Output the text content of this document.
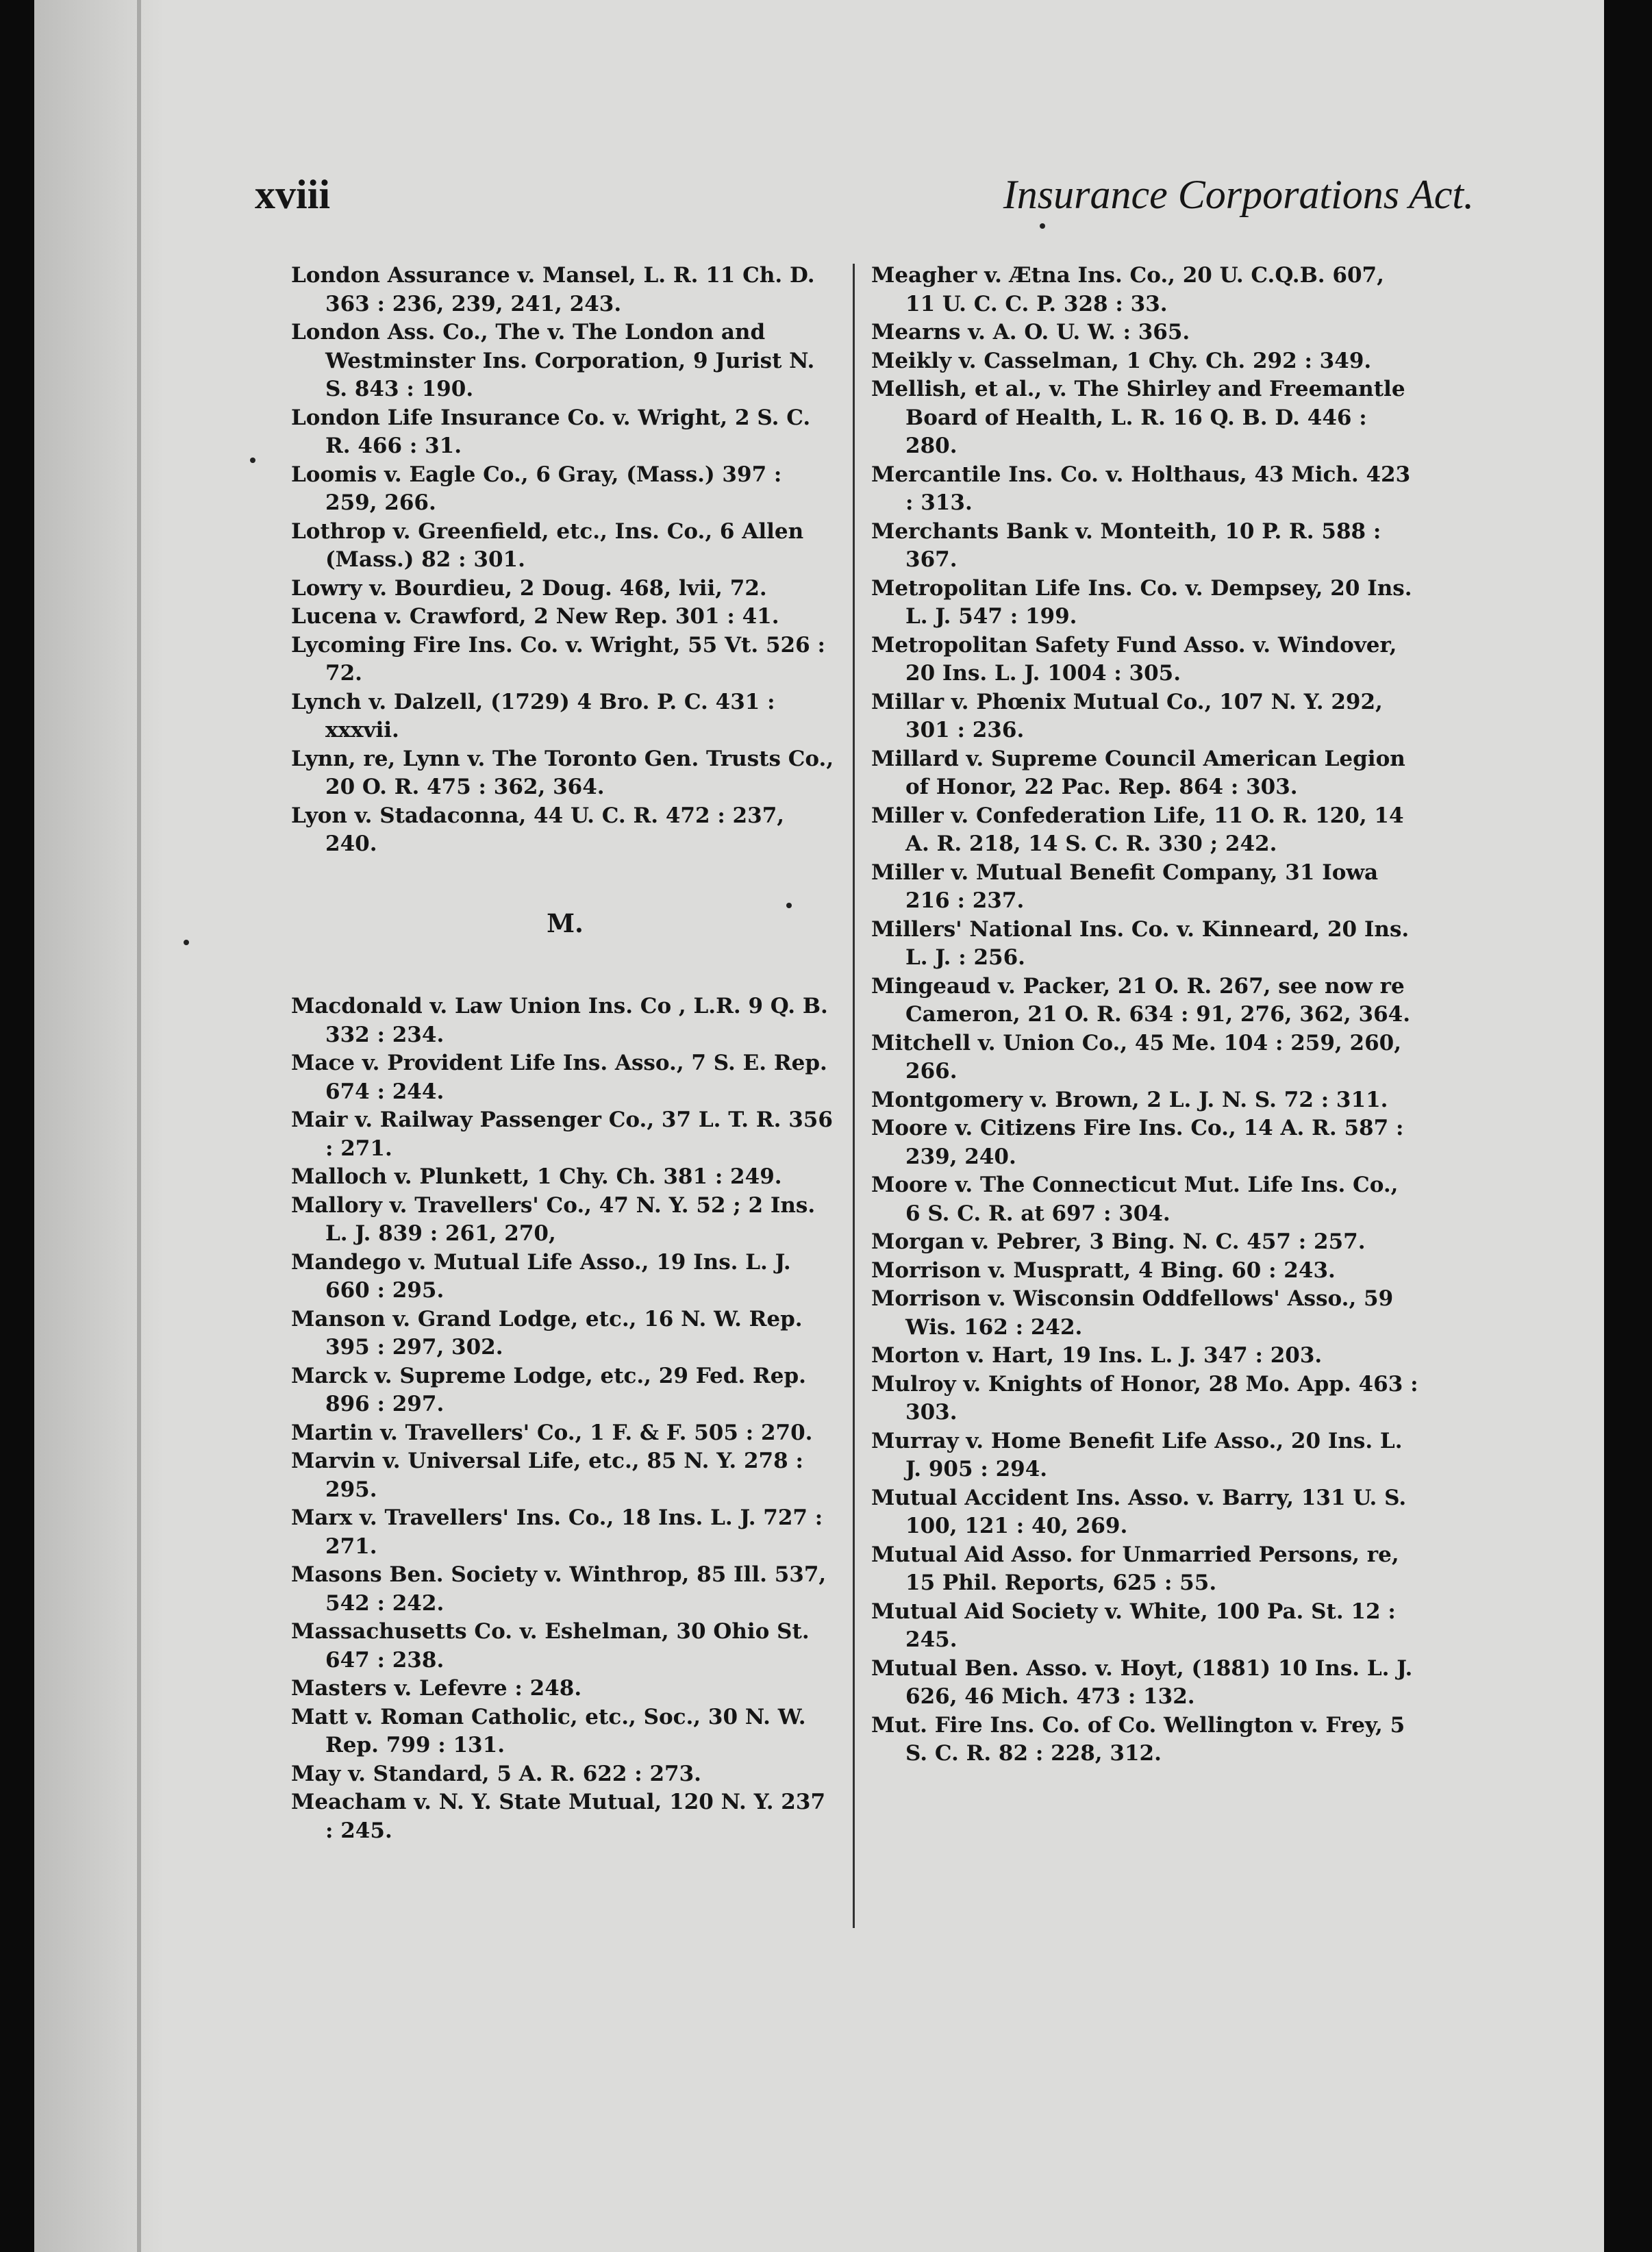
xviii	Insurance Corporations Act.

London Assurance v. Mansel, L. R. 11 Ch. D. 363 : 236, 239, 241, 243.

London Ass. Co., The v. The London and Westminster Ins. Corporation, 9 Jurist N. S. 843 : 190.

London Life Insurance Co. v. Wright, 2 S. C. R. 466 : 31.

Loomis v. Eagle Co., 6 Gray, (Mass.) 397 : 259, 266.

Lothrop v. Greenfield, etc., Ins. Co., 6 Allen (Mass.) 82 : 301.

Lowry v. Bourdieu, 2 Doug. 468, lvii, 72.

Lucena v. Crawford, 2 New Rep. 301 : 41.

Lycoming Fire Ins. Co. v. Wright, 55 Vt. 526 : 72.

Lynch v. Dalzell, (1729) 4 Bro. P. C. 431 : xxxvii.

Lynn, re, Lynn v. The Toronto Gen. Trusts Co., 20 O. R. 475 : 362, 364.

Lyon v. Stadaconna, 44 U. C. R. 472 : 237, 240.

M.

Macdonald v. Law Union Ins. Co , L.R. 9 Q. B. 332 : 234.

Mace v. Provident Life Ins. Asso., 7 S. E. Rep. 674 : 244.

Mair v. Railway Passenger Co., 37 L. T. R. 356 : 271.

Malloch v. Plunkett, 1 Chy. Ch. 381 : 249.

Mallory v. Travellers' Co., 47 N. Y. 52 ; 2 Ins. L. J. 839 : 261, 270,

Mandego v. Mutual Life Asso., 19 Ins. L. J. 660 : 295.

Manson v. Grand Lodge, etc., 16 N. W. Rep. 395 : 297, 302.

Marck v. Supreme Lodge, etc., 29 Fed. Rep. 896 : 297.

Martin v. Travellers' Co., 1 F. & F. 505 : 270.

Marvin v. Universal Life, etc., 85 N. Y. 278 : 295.

Marx v. Travellers' Ins. Co., 18 Ins. L. J. 727 : 271.

Masons Ben. Society v. Winthrop, 85 Ill. 537, 542 : 242.

Massachusetts Co. v. Eshelman, 30 Ohio St. 647 : 238.

Masters v. Lefevre : 248.

Matt v. Roman Catholic, etc., Soc., 30 N. W. Rep. 799 : 131.

May v. Standard, 5 A. R. 622 : 273.

Meacham v. N. Y. State Mutual, 120 N. Y. 237 : 245.

Meagher v. Ætna Ins. Co., 20 U. C.Q.B. 607, 11 U. C. C. P. 328 : 33.

Mearns v. A. O. U. W. : 365.

Meikly v. Casselman, 1 Chy. Ch. 292 : 349.

Mellish, et al., v. The Shirley and Freemantle Board of Health, L. R. 16 Q. B. D. 446 : 280.

Mercantile Ins. Co. v. Holthaus, 43 Mich. 423 : 313.

Merchants Bank v. Monteith, 10 P. R. 588 : 367.

Metropolitan Life Ins. Co. v. Dempsey, 20 Ins. L. J. 547 : 199.

Metropolitan Safety Fund Asso. v. Windover, 20 Ins. L. J. 1004 : 305.

Millar v. Phœnix Mutual Co., 107 N. Y. 292, 301 : 236.

Millard v. Supreme Council American Legion of Honor, 22 Pac. Rep. 864 : 303.

Miller v. Confederation Life, 11 O. R. 120, 14 A. R. 218, 14 S. C. R. 330 ; 242.

Miller v. Mutual Benefit Company, 31 Iowa 216 : 237.

Millers' National Ins. Co. v. Kinneard, 20 Ins. L. J. : 256.

Mingeaud v. Packer, 21 O. R. 267, see now re Cameron, 21 O. R. 634 : 91, 276, 362, 364.

Mitchell v. Union Co., 45 Me. 104 : 259, 260, 266.

Montgomery v. Brown, 2 L. J. N. S. 72 : 311.

Moore v. Citizens Fire Ins. Co., 14 A. R. 587 : 239, 240.

Moore v. The Connecticut Mut. Life Ins. Co., 6 S. C. R. at 697 : 304.

Morgan v. Pebrer, 3 Bing. N. C. 457 : 257.

Morrison v. Muspratt, 4 Bing. 60 : 243.

Morrison v. Wisconsin Oddfellows' Asso., 59 Wis. 162 : 242.

Morton v. Hart, 19 Ins. L. J. 347 : 203.

Mulroy v. Knights of Honor, 28 Mo. App. 463 : 303.

Murray v. Home Benefit Life Asso., 20 Ins. L. J. 905 : 294.

Mutual Accident Ins. Asso. v. Barry, 131 U. S. 100, 121 : 40, 269.

Mutual Aid Asso. for Unmarried Persons, re, 15 Phil. Reports, 625 : 55.

Mutual Aid Society v. White, 100 Pa. St. 12 : 245.

Mutual Ben. Asso. v. Hoyt, (1881) 10 Ins. L. J. 626, 46 Mich. 473 : 132.

Mut. Fire Ins. Co. of Co. Wellington v. Frey, 5 S. C. R. 82 : 228, 312.
